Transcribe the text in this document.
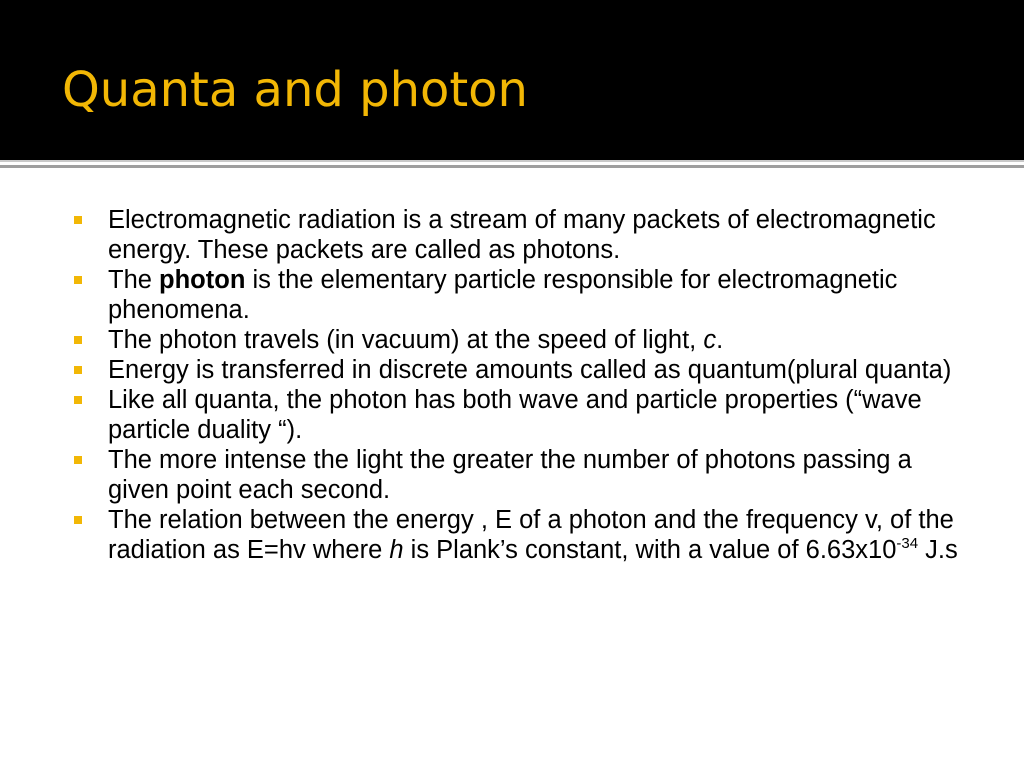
Quanta and photon
Electromagnetic radiation is a stream of many packets of electromagnetic energy. These packets are called as photons.
The photon is the elementary particle responsible for electromagnetic phenomena.
The photon travels (in vacuum) at the speed of light, c.
Energy is transferred in discrete amounts called as quantum(plural quanta)
Like all quanta, the photon has both wave and particle properties (“wave particle duality “).
The more intense the light the greater the number of photons passing a given point each second.
The relation between the energy , E of a photon and the frequency v, of the radiation as E=hv where h is Plank’s constant, with a value of $6.63x10^{-34}$ J.s
